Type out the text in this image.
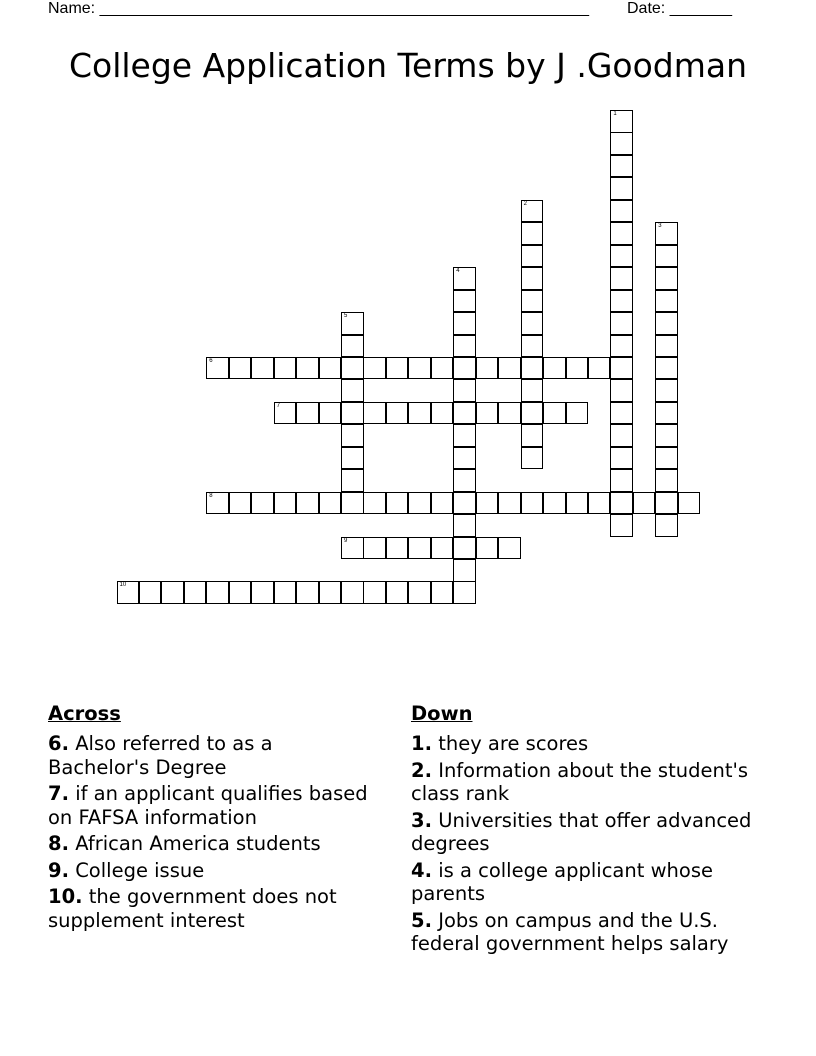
Name: _______________________________________________________ Date: _______
College Application Terms by J .Goodman
1
2
3
4
5
6
7
8
9
10
Across
6. Also referred to as a Bachelor's Degree
7. if an applicant qualifies based on FAFSA information
8. African America students
9. College issue
10. the government does not supplement interest
Down
1. they are scores
2. Information about the student's class rank
3. Universities that offer advanced degrees
4. is a college applicant whose parents
5. Jobs on campus and the U.S. federal government helps salary
